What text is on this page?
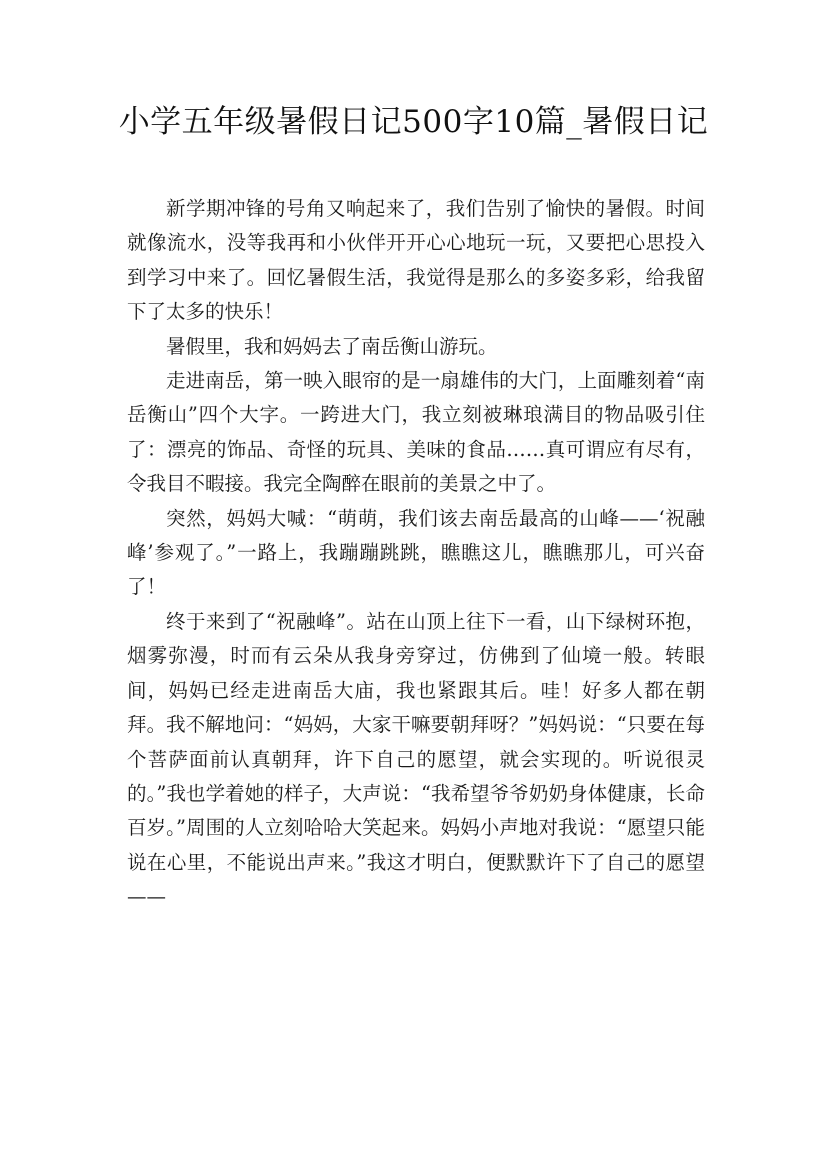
小学五年级暑假日记500字10篇_暑假日记

新学期冲锋的号角又响起来了，我们告别了愉快的暑假。时间就像流水，没等我再和小伙伴开开心心地玩一玩，又要把心思投入到学习中来了。回忆暑假生活，我觉得是那么的多姿多彩，给我留下了太多的快乐！

暑假里，我和妈妈去了南岳衡山游玩。

走进南岳，第一映入眼帘的是一扇雄伟的大门，上面雕刻着“南岳衡山”四个大字。一跨进大门，我立刻被琳琅满目的物品吸引住了：漂亮的饰品、奇怪的玩具、美味的食品……真可谓应有尽有，令我目不暇接。我完全陶醉在眼前的美景之中了。

突然，妈妈大喊：“萌萌，我们该去南岳最高的山峰——‘祝融峰’参观了。”一路上，我蹦蹦跳跳，瞧瞧这儿，瞧瞧那儿，可兴奋了！

终于来到了“祝融峰”。站在山顶上往下一看，山下绿树环抱，烟雾弥漫，时而有云朵从我身旁穿过，仿佛到了仙境一般。转眼间，妈妈已经走进南岳大庙，我也紧跟其后。哇！好多人都在朝拜。我不解地问：“妈妈，大家干嘛要朝拜呀？”妈妈说：“只要在每个菩萨面前认真朝拜，许下自己的愿望，就会实现的。听说很灵的。”我也学着她的样子，大声说：“我希望爷爷奶奶身体健康，长命百岁。”周围的人立刻哈哈大笑起来。妈妈小声地对我说：“愿望只能说在心里，不能说出声来。”我这才明白，便默默许下了自己的愿望——
